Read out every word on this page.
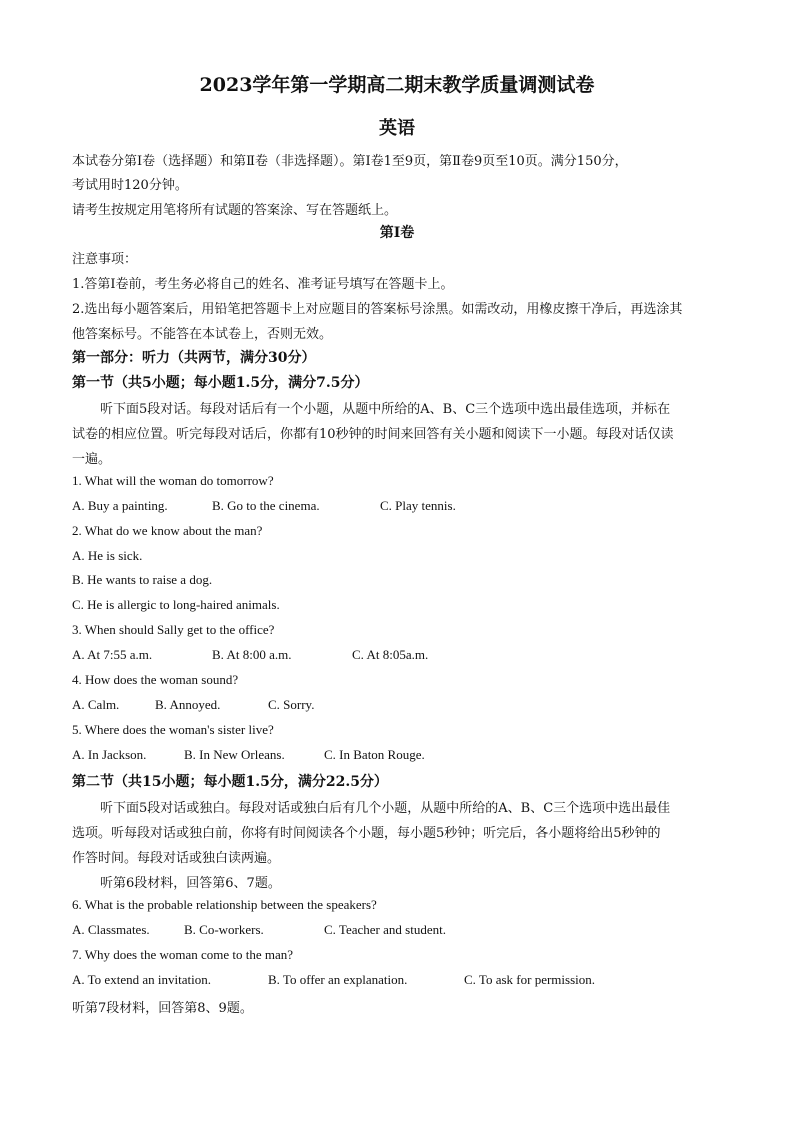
2023学年第一学期高二期末教学质量调测试卷
英语
本试卷分第Ⅰ卷（选择题）和第Ⅱ卷（非选择题）。第Ⅰ卷1至9页，第Ⅱ卷9页至10页。满分150分，
考试用时120分钟。
请考生按规定用笔将所有试题的答案涂、写在答题纸上。
第Ⅰ卷
注意事项：
1.答第Ⅰ卷前，考生务必将自己的姓名、准考证号填写在答题卡上。
2.选出每小题答案后，用铅笔把答题卡上对应题目的答案标号涂黑。如需改动，用橡皮擦干净后，再选涂其
他答案标号。不能答在本试卷上，否则无效。
第一部分：听力（共两节，满分30分）
第一节（共5小题；每小题1.5分，满分7.5分）
听下面5段对话。每段对话后有一个小题，从题中所给的A、B、C三个选项中选出最佳选项，并标在
试卷的相应位置。听完每段对话后，你都有10秒钟的时间来回答有关小题和阅读下一小题。每段对话仅读
一遍。
1. What will the woman do tomorrow?
A. Buy a painting.	B. Go to the cinema.	C. Play tennis.
2. What do we know about the man?
A. He is sick.
B. He wants to raise a dog.
C. He is allergic to long-haired animals.
3. When should Sally get to the office?
A. At 7:55 a.m.	B. At 8:00 a.m.	C. At 8:05a.m.
4. How does the woman sound?
A. Calm.	B. Annoyed.	C. Sorry.
5. Where does the woman's sister live?
A. In Jackson.	B. In New Orleans.	C. In Baton Rouge.
第二节（共15小题；每小题1.5分，满分22.5分）
听下面5段对话或独白。每段对话或独白后有几个小题，从题中所给的A、B、C三个选项中选出最佳
选项。听每段对话或独白前，你将有时间阅读各个小题，每小题5秒钟；听完后，各小题将给出5秒钟的
作答时间。每段对话或独白读两遍。
听第6段材料，回答第6、7题。
6. What is the probable relationship between the speakers?
A. Classmates.	B. Co-workers.	C. Teacher and student.
7. Why does the woman come to the man?
A. To extend an invitation.	B. To offer an explanation.	C. To ask for permission.
听第7段材料，回答第8、9题。
